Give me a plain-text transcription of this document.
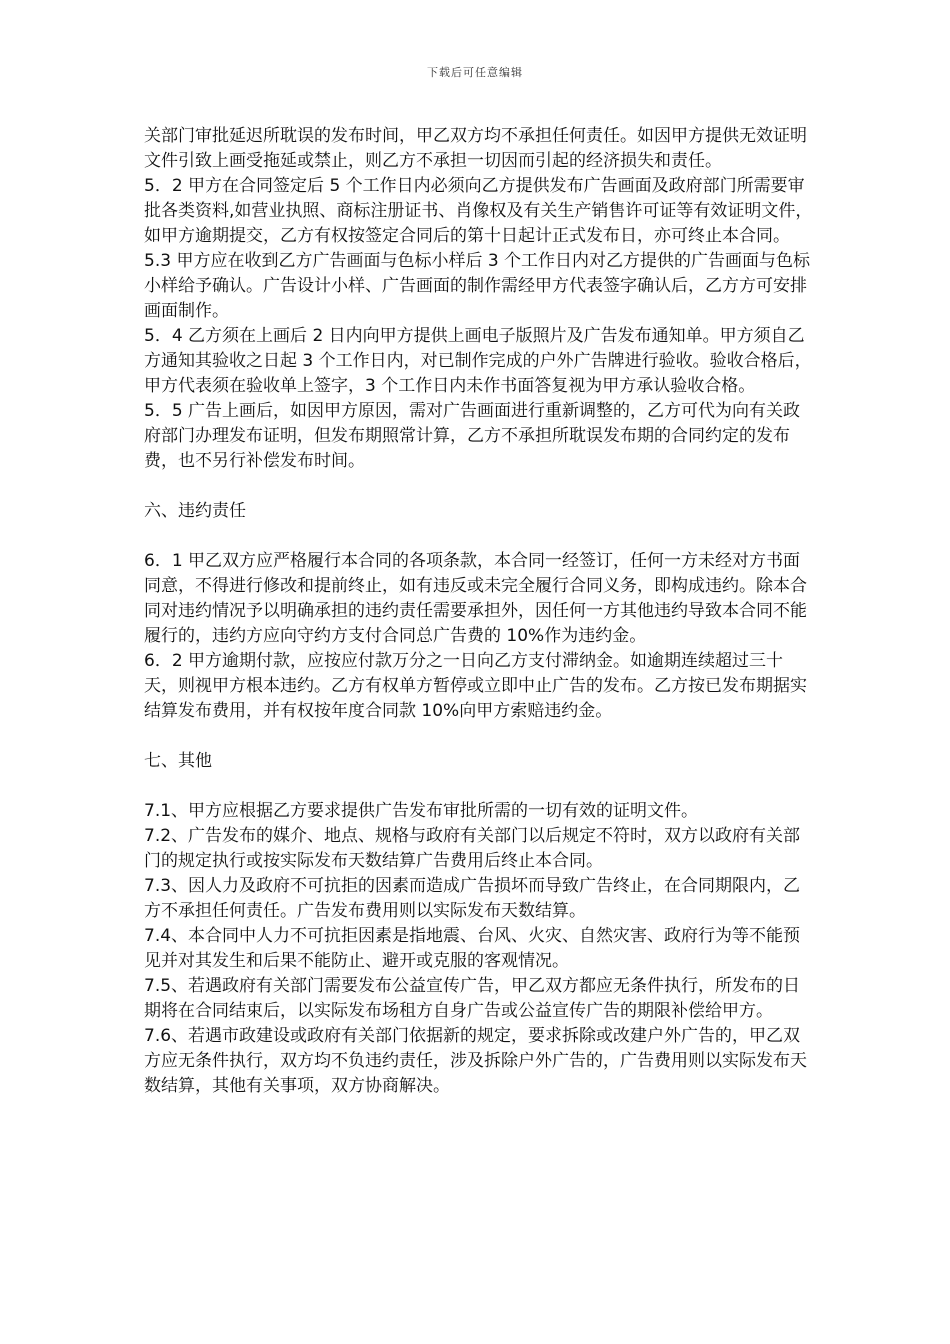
下载后可任意编辑

关部门审批延迟所耽误的发布时间，甲乙双方均不承担任何责任。如因甲方提供无效证明文件引致上画受拖延或禁止，则乙方不承担一切因而引起的经济损失和责任。

5．2 甲方在合同签定后 5 个工作日内必须向乙方提供发布广告画面及政府部门所需要审批各类资料,如营业执照、商标注册证书、肖像权及有关生产销售许可证等有效证明文件，如甲方逾期提交，乙方有权按签定合同后的第十日起计正式发布日，亦可终止本合同。

5.3 甲方应在收到乙方广告画面与色标小样后 3 个工作日内对乙方提供的广告画面与色标小样给予确认。广告设计小样、广告画面的制作需经甲方代表签字确认后，乙方方可安排画面制作。

5．4 乙方须在上画后 2 日内向甲方提供上画电子版照片及广告发布通知单。甲方须自乙方通知其验收之日起 3 个工作日内，对已制作完成的户外广告牌进行验收。验收合格后，甲方代表须在验收单上签字，3 个工作日内未作书面答复视为甲方承认验收合格。

5．5 广告上画后，如因甲方原因，需对广告画面进行重新调整的，乙方可代为向有关政府部门办理发布证明，但发布期照常计算，乙方不承担所耽误发布期的合同约定的发布费，也不另行补偿发布时间。

六、违约责任

6．1 甲乙双方应严格履行本合同的各项条款，本合同一经签订，任何一方未经对方书面同意，不得进行修改和提前终止，如有违反或未完全履行合同义务，即构成违约。除本合同对违约情况予以明确承担的违约责任需要承担外，因任何一方其他违约导致本合同不能履行的，违约方应向守约方支付合同总广告费的 10%作为违约金。

6．2 甲方逾期付款，应按应付款万分之一日向乙方支付滞纳金。如逾期连续超过三十天，则视甲方根本违约。乙方有权单方暂停或立即中止广告的发布。乙方按已发布期据实结算发布费用，并有权按年度合同款 10%向甲方索赔违约金。

七、其他

7.1、甲方应根据乙方要求提供广告发布审批所需的一切有效的证明文件。

7.2、广告发布的媒介、地点、规格与政府有关部门以后规定不符时，双方以政府有关部门的规定执行或按实际发布天数结算广告费用后终止本合同。

7.3、因人力及政府不可抗拒的因素而造成广告损坏而导致广告终止，在合同期限内，乙方不承担任何责任。广告发布费用则以实际发布天数结算。

7.4、本合同中人力不可抗拒因素是指地震、台风、火灾、自然灾害、政府行为等不能预见并对其发生和后果不能防止、避开或克服的客观情况。

7.5、若遇政府有关部门需要发布公益宣传广告，甲乙双方都应无条件执行，所发布的日期将在合同结束后，以实际发布场租方自身广告或公益宣传广告的期限补偿给甲方。

7.6、若遇市政建设或政府有关部门依据新的规定，要求拆除或改建户外广告的，甲乙双方应无条件执行，双方均不负违约责任，涉及拆除户外广告的，广告费用则以实际发布天数结算，其他有关事项，双方协商解决。
